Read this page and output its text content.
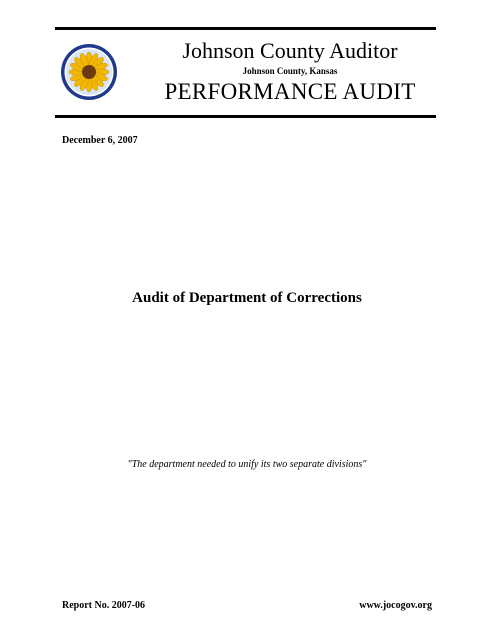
Johnson County Auditor
Johnson County, Kansas
PERFORMANCE AUDIT
December 6, 2007
Audit of Department of Corrections
"The department needed to unify its two separate divisions"
Report No. 2007-06	www.jocogov.org
